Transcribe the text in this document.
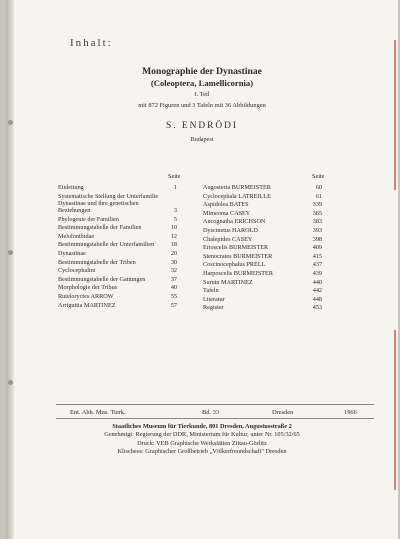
Inhalt:
Monographie der Dynastinae
(Coleoptera, Lamellicornia)
I. Teil
mit 872 Figuren und 3 Tafeln mit 36 Abbildungen
S. ENDRÖDI
Budapest
Seite	Seite
Einleitung	1
Systematische Stellung der Unterfamilie Dynastinae und ihre genetischen Beziehungen	3
Phylogenie der Familien	5
Bestimmungstabelle der Familien	10
Melolonthidae	12
Bestimmungstabelle der Unterfamilien	18
Dynastinae	20
Bestimmungstabelle der Triben	30
Cyclocephalini	32
Bestimmungstabelle der Gattungen	37
Morphologie der Tribus	40
Ruteloryctes ARROW	55
Arriguttia MARTINEZ	57
Augosteria BURMEISTER	60
Cyclocephala LATREILLE	61
Aspidolea BATES	339
Mimeoma CASEY	365
Ancognatha ERICHSON	383
Dyscinetus HAROLD	393
Chalepides CASEY	398
Erioscelis BURMEISTER	409
Stenocrates BURMEISTER	415
Coscinocephalus PRELL	437
Harposcelis BURMEISTER	439
Surutu MARTINEZ	440
Tafeln	442
Literatur	448
Register	453
Ent. Abh. Mus. Tierk.	Bd. 33	Dresden	1966
Staatliches Museum für Tierkunde, 801 Dresden, Augustusstraße 2
Genehmigt: Regierung der DDR, Ministerium für Kultur, unter Nr. 105/32/65
Druck: VEB Graphische Werkstätten Zittau-Görlitz
Klischees: Graphischer Großbetrieb „Völkerfreundschaft" Dresden
